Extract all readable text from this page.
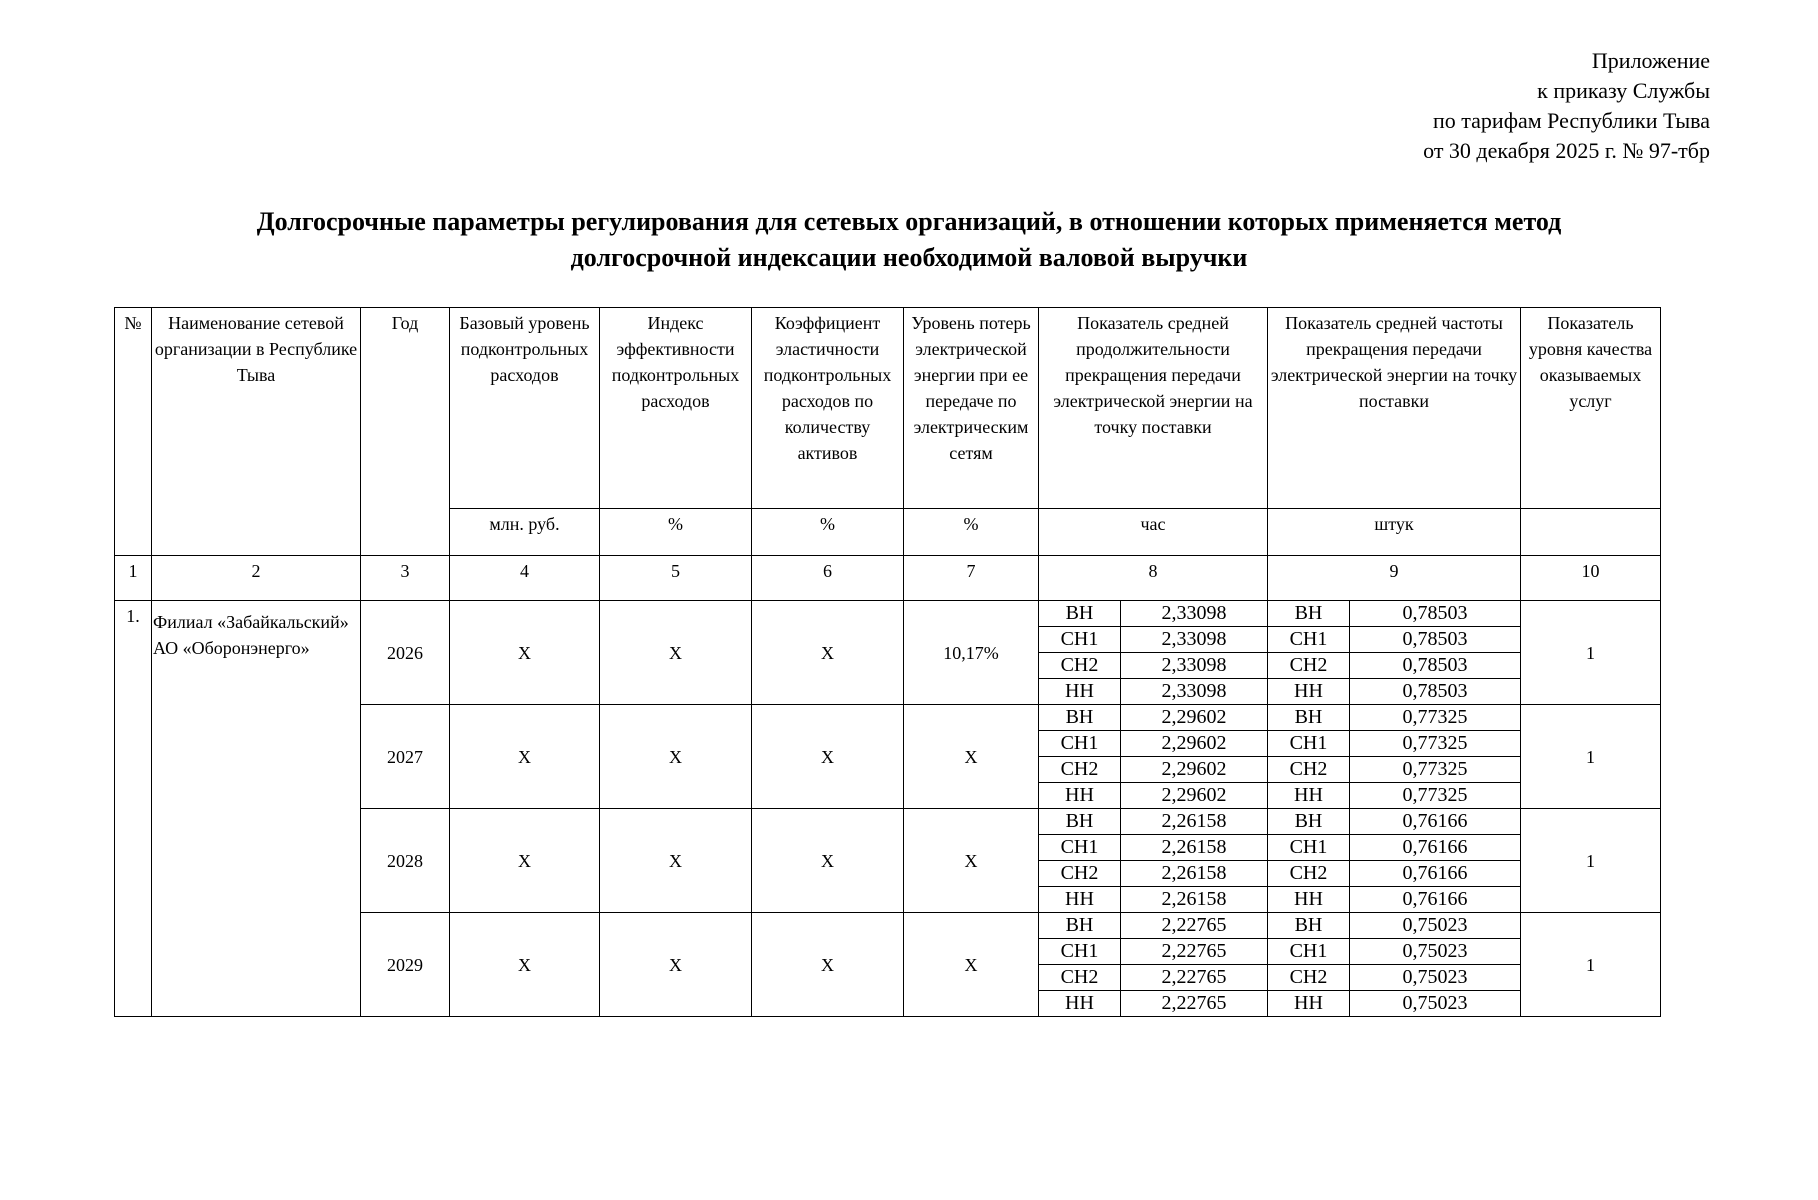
Приложение
к приказу Службы
по тарифам Республики Тыва
от 30 декабря 2025 г. № 97-тбр
Долгосрочные параметры регулирования для сетевых организаций, в отношении которых применяется метод
долгосрочной индексации необходимой валовой выручки
№	Наименование сетевой организации в Республике Тыва	Год	Базовый уровень подконтрольных расходов	Индекс эффективности подконтрольных расходов	Коэффициент эластичности подконтрольных расходов по количеству активов	Уровень потерь электрической энергии при ее передаче по электрическим сетям	Показатель средней продолжительности прекращения передачи электрической энергии на точку поставки		Показатель средней частоты прекращения передачи электрической энергии на точку поставки		Показатель уровня качества оказываемых услуг
			млн. руб.	%	%	%	час		штук		
1	2	3	4	5	6	7	8		9		10
1.	Филиал «Забайкальский» АО «Оборонэнерго»	2026	X	X	X	10,17%	ВН	2,33098	ВН	0,78503	1
							СН1	2,33098	СН1	0,78503	
							СН2	2,33098	СН2	0,78503	
							НН	2,33098	НН	0,78503	
		2027	X	X	X	X	ВН	2,29602	ВН	0,77325	1
							СН1	2,29602	СН1	0,77325	
							СН2	2,29602	СН2	0,77325	
							НН	2,29602	НН	0,77325	
		2028	X	X	X	X	ВН	2,26158	ВН	0,76166	1
							СН1	2,26158	СН1	0,76166	
							СН2	2,26158	СН2	0,76166	
							НН	2,26158	НН	0,76166	
		2029	X	X	X	X	ВН	2,22765	ВН	0,75023	1
							СН1	2,22765	СН1	0,75023	
							СН2	2,22765	СН2	0,75023	
							НН	2,22765	НН	0,75023	
